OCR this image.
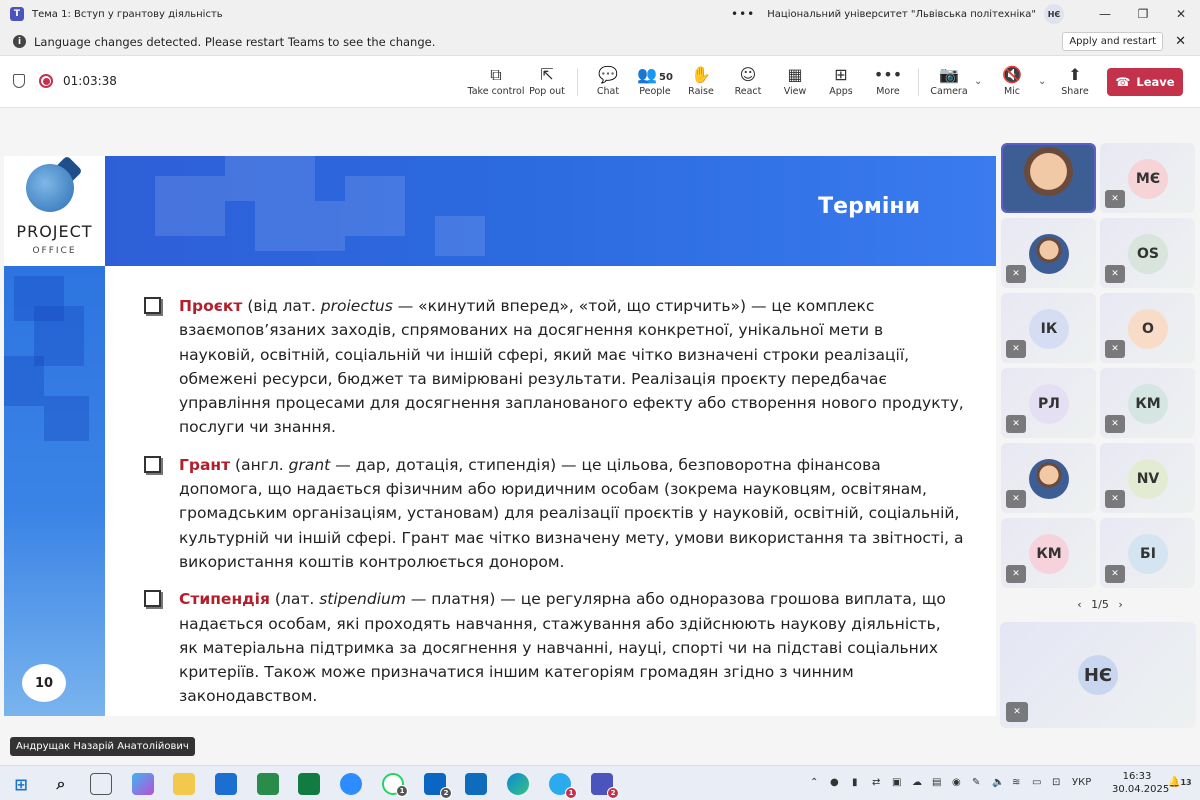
T	Тема 1: Вступ у грантову діяльність	••• Національний університет "Львівська політехніка"	НЄ	—	❐	✕
i	Language changes detected. Please restart Teams to see the change.	Apply and restart	✕
01:03:38	⧉
Take control
⇱
Pop out
💬
Chat
👥 50
People
✋
Raise
☺
React
▦
View
⊞
Apps
•••
More
📷
Camera
⌄	🔇
Mic
⌄	⬆
Share
☎ Leave
PROJECT
OFFICE
Терміни
10
Проєкт (від лат. proiectus — «кинутий вперед», «той, що стирчить») — це комплекс взаємопов’язаних заходів, спрямованих на досягнення конкретної, унікальної мети в науковій, освітній, соціальній чи іншій сфері, який має чітко визначені строки реалізації, обмежені ресурси, бюджет та вимірювані результати. Реалізація проєкту передбачає управління процесами для досягнення запланованого ефекту або створення нового продукту, послуги чи знання.
Грант (англ. grant — дар, дотація, стипендія) — це цільова, безповоротна фінансова допомога, що надається фізичним або юридичним особам (зокрема науковцям, освітянам, громадським організаціям, установам) для реалізації проєктів у науковій, освітній, соціальній, культурній чи іншій сфері. Грант має чітко визначену мету, умови використання та звітності, а використання коштів контролюється донором.
Стипендія (лат. stipendium — платня) — це регулярна або одноразова грошова виплата, що надається особам, які проходять навчання, стажування або здійснюють наукову діяльність, як матеріальна підтримка за досягнення у навчанні, науці, спорті чи на підставі соціальних критеріїв. Також може призначатися іншим категоріям громадян згідно з чинним законодавством.
Андрущак Назарій Анатолійович
МЄ
✕
✕
OS
✕
ІК
✕
О
✕
РЛ
✕
КМ
✕
✕
NV
✕
КМ
✕
БІ
✕
‹ 1/5 ›
НЄ
✕
⊞	⌕	1	2	1	2
⌃ ● ▮ ⇄ ▣ ☁ ▤ ◉ ✎ 🔈 ≋ ▭ ⊡ УКР
16:33
30.04.2025
🔔13
